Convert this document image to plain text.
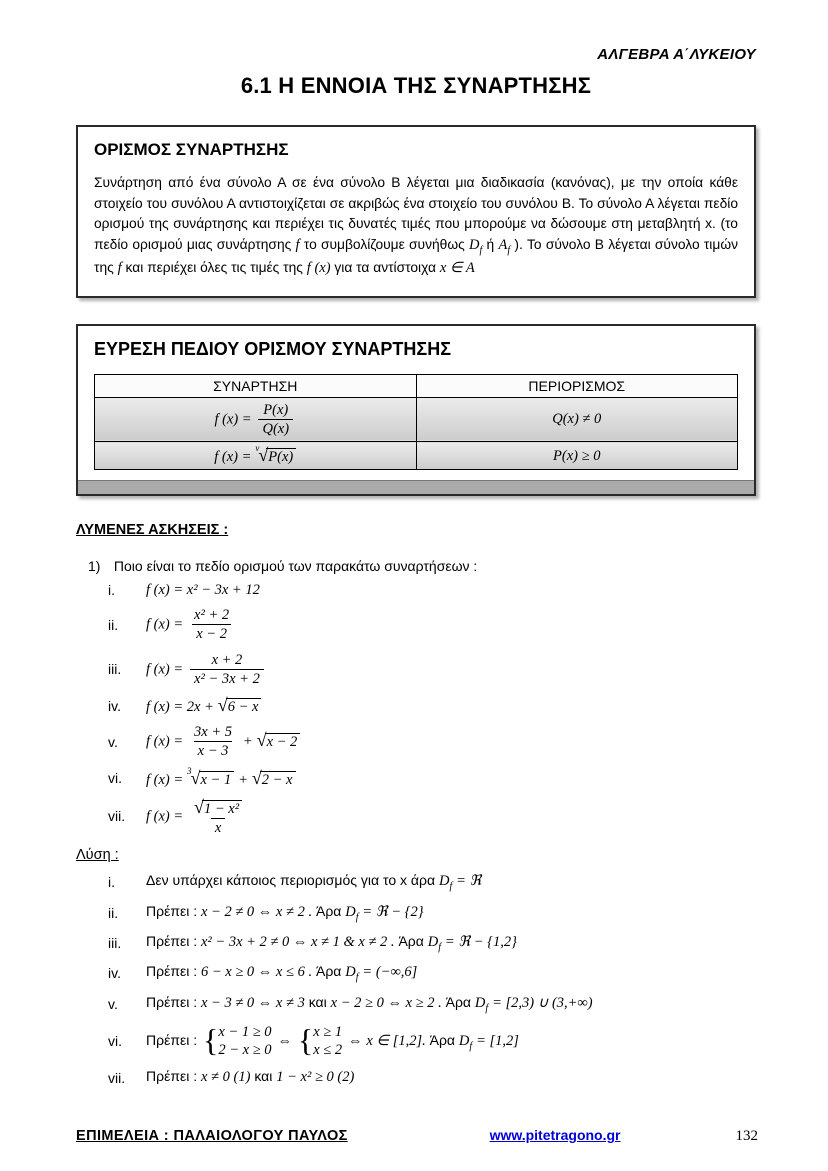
ΑΛΓΕΒΡΑ Α΄ΛΥΚΕΙΟΥ
6.1 Η ΕΝΝΟΙΑ ΤΗΣ ΣΥΝΑΡΤΗΣΗΣ
ΟΡΙΣΜΟΣ ΣΥΝΑΡΤΗΣΗΣ

Συνάρτηση από ένα σύνολο Α σε ένα σύνολο Β λέγεται μια διαδικασία (κανόνας), με την οποία κάθε στοιχείο του συνόλου Α αντιστοιχίζεται σε ακριβώς ένα στοιχείο του συνόλου Β. Το σύνολο Α λέγεται πεδίο ορισμού της συνάρτησης και περιέχει τις δυνατές τιμές που μπορούμε να δώσουμε στη μεταβλητή x. (το πεδίο ορισμού μιας συνάρτησης f το συμβολίζουμε συνήθως $D_f$ ή $A_f$ ). Το σύνολο Β λέγεται σύνολο τιμών της f και περιέχει όλες τις τιμές της f (x) για τα αντίστοιχα x ∈ A

ΕΥΡΕΣΗ ΠΕΔΙΟΥ ΟΡΙΣΜΟΥ ΣΥΝΑΡΤΗΣΗΣ
ΣΥΝΑΡΤΗΣΗ	ΠΕΡΙΟΡΙΣΜΟΣ
f $(x) = \frac{P(x)}{Q(x)}$	Q(x) ≠ 0
f (x) = $^\nu$√P(x)	P(x) ≥ 0
ΛΥΜΕΝΕΣ ΑΣΚΗΣΕΙΣ :
1) Ποιο είναι το πεδίο ορισμού των παρακάτω συναρτήσεων :
i.	f (x) = x² − 3x + 12
ii.	f $(x) = \frac{\text{x² + 2}}{x - 2}$
iii.	f $(x) = \frac{x + 2}{\text{x² − 3x + 2}}$
iv.	f (x) = 2x + √ 6 − x
v.	f $(x) = \frac{3x + 5}{x - 3}$ + √ x − 2
vi.	f (x) = $^3$√x − 1 + √ 2 − x
vii.	f (x) = √ $\frac{\text{1 − x²}}{x}$
Λύση :
i.	Δεν υπάρχει κάποιος περιορισμός για το x άρα $D_f$ = ℜ
ii.	Πρέπει : x − 2 ≠ 0 ⇔ x ≠ 2 . Άρα $D_f$ = ℜ − {2}
iii.	Πρέπει : x² − 3x + 2 ≠ 0 ⇔ x ≠ 1 & x ≠ 2 . Άρα $D_f$ = ℜ − {1,2}
iv.	Πρέπει : 6 − x ≥ 0 ⇔ x ≤ 6 . Άρα $D_f = (-\infty,6]$
v.	Πρέπει : x − 3 ≠ 0 ⇔ x ≠ 3 και x − 2 ≥ 0 ⇔ x ≥ 2 . Άρα $D_f = [2,3)$ ∪ (3,+∞)
vi.	Πρέπει : { x − 1 ≥ 0
2 − x ≥ 0
⇔
{
x ≥ 1
x ≤ 2
⇔ x ∈ [1,2]. Άρα $D_f = [1,2]$
vii.	Πρέπει : x ≠ 0 (1) και 1 − x² ≥ 0 (2)
ΕΠΙΜΕΛΕΙΑ : ΠΑΛΑΙΟΛΟΓΟΥ ΠΑΥΛΟΣ	www.pitetragono.gr	132
